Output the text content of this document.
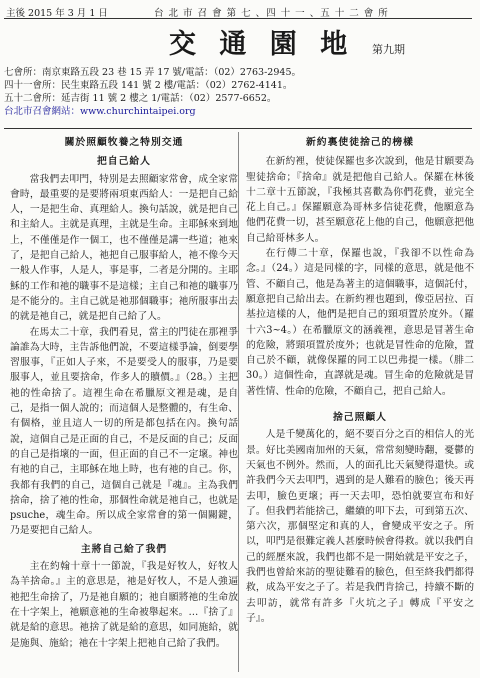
主後 2015 年 3 月 1 日	台 北 市 召 會 第 七 、四 十 一 、五 十 二 會 所
交 通 園 地 第九期
七會所：南京東路五段 23 巷 15 弄 17 號/電話：（02）2763-2945。
四十一會所：民生東路五段 141 號 2 樓/電話：（02）2762-4141。
五十二會所：延吉街 11 號 2 樓之 1/電話：（02）2577-6652。
台北市召會網站：www.churchintaipei.org
關於照顧牧養之特別交通
把自己給人

當我們去叩門，特別是去照顧家常會，成全家常會時，最重要的是要將兩項東西給人：一是把自己給人，一是把生命、真理給人。換句話說，就是把自己和主給人。主就是真理，主就是生命。主耶穌來到地上，不僅僅是作一個工，也不僅僅是講一些道；祂來了，是把自己給人，祂把自己服事給人，祂不像今天一般人作事，人是人，事是事，二者是分開的。主耶穌的工作和祂的職事不是這樣；主自己和祂的職事乃是不能分的。主自己就是祂那個職事；祂所服事出去的就是祂自己，就是把自己給了人。

在馬太二十章，我們看見，當主的門徒在那裡爭論誰為大時，主告訴他們說，不要這樣爭論，倒要學習服事，『正如人子來，不是要受人的服事，乃是要服事人，並且要捨命，作多人的贖價。』（28。）主把祂的性命捨了。這裡生命在希臘原文裡是魂，是自己，是指一個人說的；而這個人是整體的，有生命、有個格，並且這人一切的所是都包括在內。換句話說，這個自己是正面的自己，不是反面的自己；反面的自己是指壞的一面，但正面的自己不一定壞。神也有祂的自己，主耶穌在地上時，也有祂的自己。你，我都有我們的自己，這個自己就是『魂』。主為我們捨命，捨了祂的性命，那個性命就是祂自己，也就是psuche，魂生命。所以成全家常會的第一個關鍵，乃是要把自己給人。

主將自己給了我們

主在約翰十章十一節說，『我是好牧人，好牧人為羊捨命。』主的意思是，祂是好牧人，不是人強逼祂把生命捨了，乃是祂自願的；祂自願將祂的生命放在十字架上，祂願意祂的生命被舉起來。…『捨了』就是給的意思。祂捨了就是給的意思，如同施給，就是施與、施給；祂在十字架上把祂自己給了我們。

新約裏使徒捨己的榜樣

在新約裡，使徒保羅也多次說到，他是甘願要為聖徒捨命；『捨命』就是把他自己給人。保羅在林後十二章十五節說，『我極其喜歡為你們花費，並完全花上自己。』保羅願意為哥林多信徒花費，他願意為他們花費一切，甚至願意花上他的自己，他願意把他自己給哥林多人。

在行傳二十章，保羅也說，『我卻不以性命為念。』（24。）這是同樣的字，同樣的意思，就是他不管、不顧自己，他是為著主的這個職事，這個託付，願意把自己給出去。在新約裡也題到，像亞居拉、百基拉這樣的人，他們是把自己的頸項置於度外。（羅十六3~4。）在希臘原文的涵義裡，意思是冒著生命的危險，將頸項置於度外；也就是冒性命的危險，置自己於不顧，就像保羅的同工以巴弗提一樣。（腓二30。）這個性命，直譯就是魂。冒生命的危險就是冒著性情、性命的危險，不顧自己，把自己給人。

捨己照顧人

人是千變萬化的，絕不要百分之百的相信人的光景。好比美國南加州的天氣，常常刻變時翻，憂鬱的天氣也不例外。然而，人的面孔比天氣變得還快。或許我們今天去叩門，遇到的是人難看的臉色；後天再去叩，臉色更壞；再一天去叩，恐怕就要宣布和好了。但我們若能捨己，繼續的叩下去，可到第五次、第六次，那個堅定和真的人，會變成平安之子。所以，叩門是很難定義人甚麼時候會得救。就以我們自己的經歷來說，我們也都不是一開始就是平安之子，我們也曾給來訪的聖徒難看的臉色，但至終我們都得救，成為平安之子了。若是我們肯捨己，持續不斷的去叩訪，就常有許多『火坑之子』轉成『平安之子』。
